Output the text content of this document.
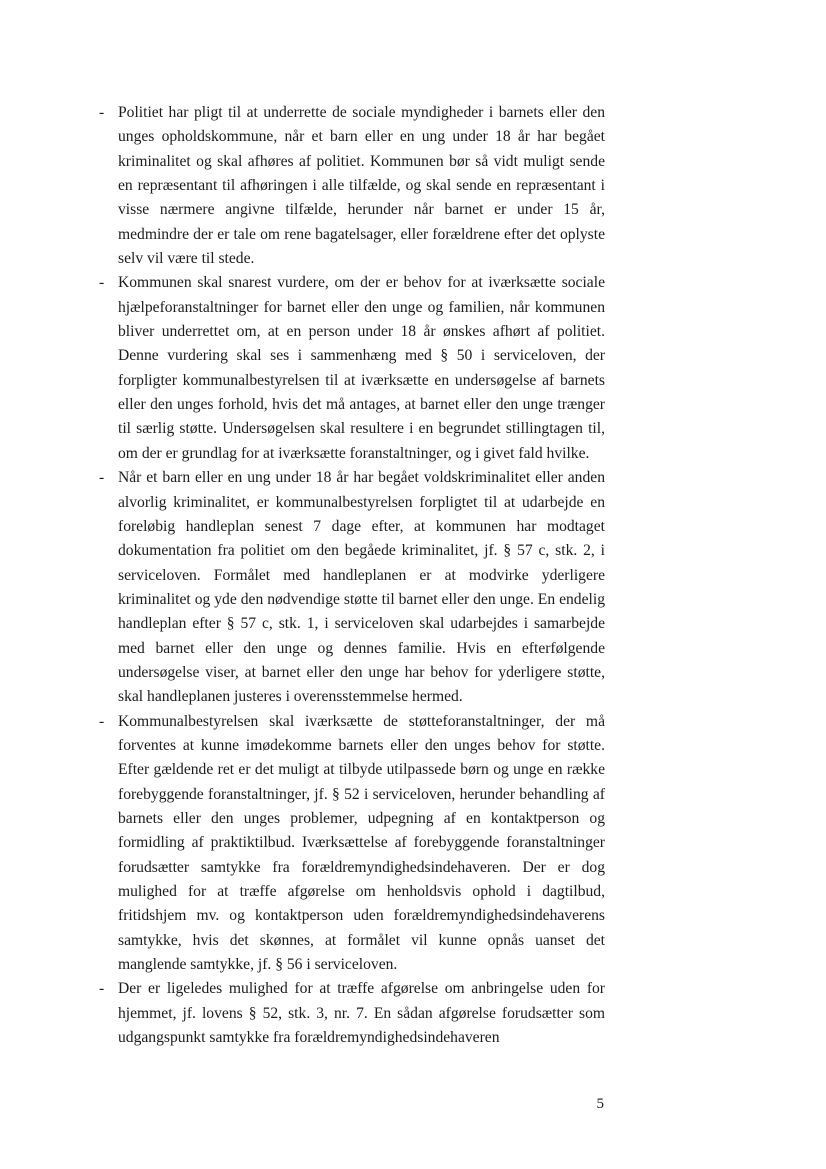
- Politiet har pligt til at underrette de sociale myndigheder i barnets eller den unges opholdskommune, når et barn eller en ung under 18 år har begået kriminalitet og skal afhøres af politiet. Kommunen bør så vidt muligt sende en repræsentant til afhøringen i alle tilfælde, og skal sende en repræsentant i visse nærmere angivne tilfælde, herunder når barnet er under 15 år, medmindre der er tale om rene bagatelsager, eller forældrene efter det oplyste selv vil være til stede.
- Kommunen skal snarest vurdere, om der er behov for at iværksætte sociale hjælpeforanstaltninger for barnet eller den unge og familien, når kommunen bliver underrettet om, at en person under 18 år ønskes afhørt af politiet. Denne vurdering skal ses i sammenhæng med § 50 i serviceloven, der forpligter kommunalbestyrelsen til at iværksætte en undersøgelse af barnets eller den unges forhold, hvis det må antages, at barnet eller den unge trænger til særlig støtte. Undersøgelsen skal resultere i en begrundet stillingtagen til, om der er grundlag for at iværksætte foranstaltninger, og i givet fald hvilke.
- Når et barn eller en ung under 18 år har begået voldskriminalitet eller anden alvorlig kriminalitet, er kommunalbestyrelsen forpligtet til at udarbejde en foreløbig handleplan senest 7 dage efter, at kommunen har modtaget dokumentation fra politiet om den begåede kriminalitet, jf. § 57 c, stk. 2, i serviceloven. Formålet med handleplanen er at modvirke yderligere kriminalitet og yde den nødvendige støtte til barnet eller den unge. En endelig handleplan efter § 57 c, stk. 1, i serviceloven skal udarbejdes i samarbejde med barnet eller den unge og dennes familie. Hvis en efterfølgende undersøgelse viser, at barnet eller den unge har behov for yderligere støtte, skal handleplanen justeres i overensstemmelse hermed.
- Kommunalbestyrelsen skal iværksætte de støtteforanstaltninger, der må forventes at kunne imødekomme barnets eller den unges behov for støtte. Efter gældende ret er det muligt at tilbyde utilpassede børn og unge en række forebyggende foranstaltninger, jf. § 52 i serviceloven, herunder behandling af barnets eller den unges problemer, udpegning af en kontaktperson og formidling af praktiktilbud. Iværksættelse af forebyggende foranstaltninger forudsætter samtykke fra forældremyndighedsindehaveren. Der er dog mulighed for at træffe afgørelse om henholdsvis ophold i dagtilbud, fritidshjem mv. og kontaktperson uden forældremyndighedsindehaverens samtykke, hvis det skønnes, at formålet vil kunne opnås uanset det manglende samtykke, jf. § 56 i serviceloven.
- Der er ligeledes mulighed for at træffe afgørelse om anbringelse uden for hjemmet, jf. lovens § 52, stk. 3, nr. 7. En sådan afgørelse forudsætter som udgangspunkt samtykke fra forældremyndighedsindehaveren
5
